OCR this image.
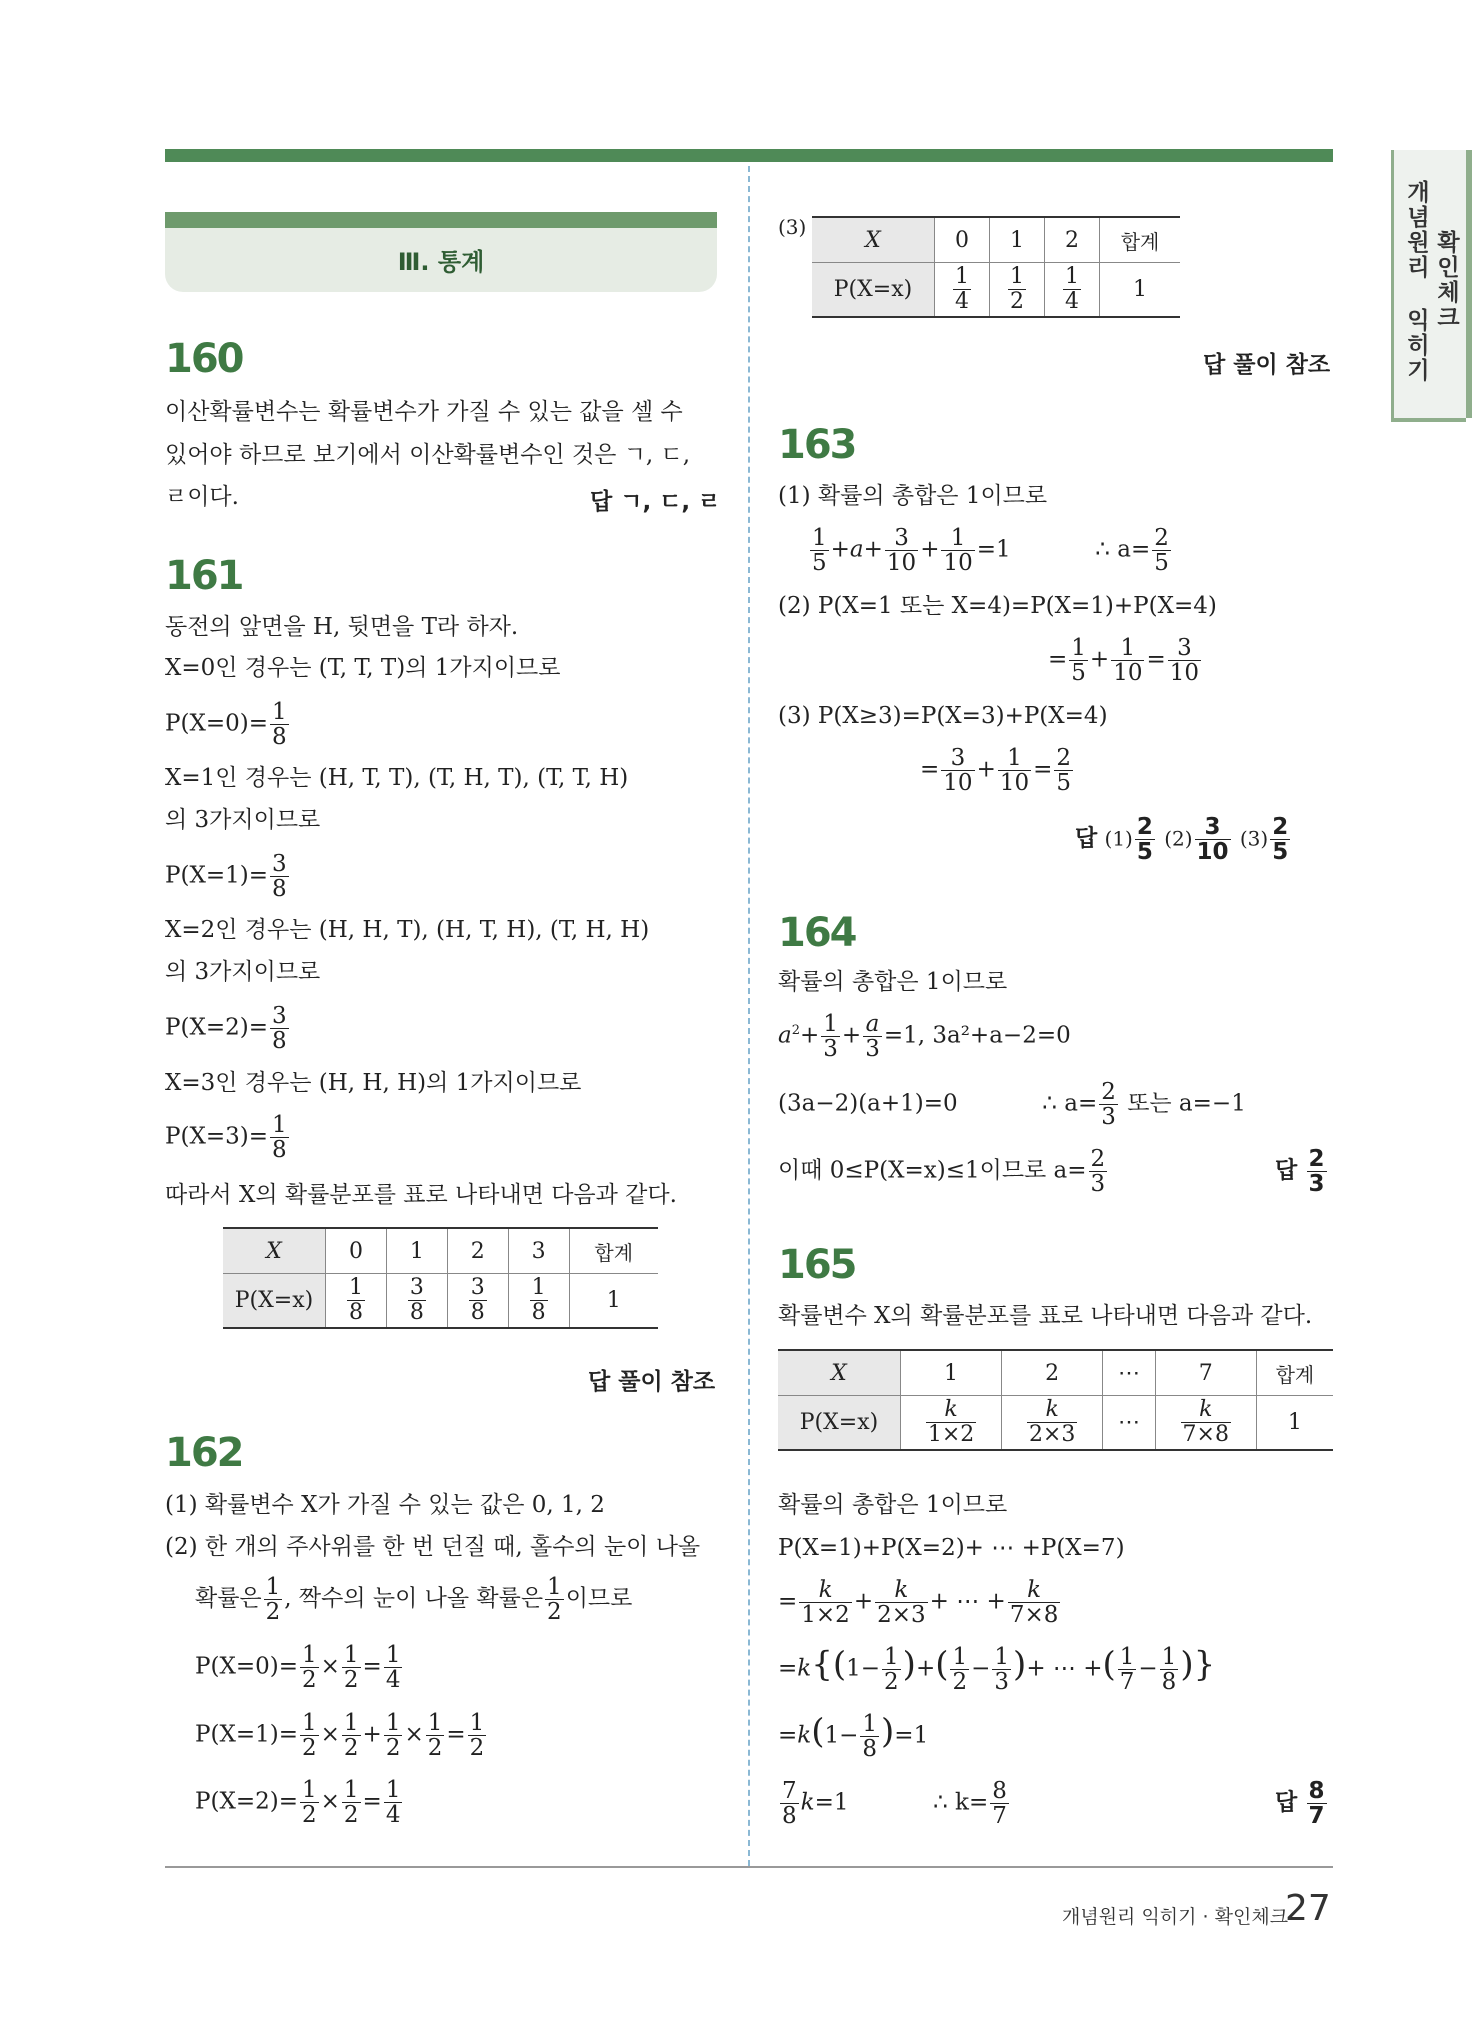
Ⅲ. 통계	개념원리 익히기 확인체크
160
이산확률변수는 확률변수가 가질 수 있는 값을 셀 수
있어야 하므로 보기에서 이산확률변수인 것은 ㄱ, ㄷ,
ㄹ이다.	답 ㄱ, ㄷ, ㄹ
161
동전의 앞면을 H, 뒷면을 T라 하자.
X=0인 경우는 (T, T, T)의 1가지이므로
$P(X=0)= \frac{1}{8}$
X=1인 경우는 (H, T, T), (T, H, T), (T, T, H)
의 3가지이므로
$P(X=1)= \frac{3}{8}$
X=2인 경우는 (H, H, T), (H, T, H), (T, H, H)
의 3가지이므로
$P(X=2)= \frac{3}{8}$
X=3인 경우는 (H, H, H)의 1가지이므로
$P(X=3)= \frac{1}{8}$
따라서 X의 확률분포를 표로 나타내면 다음과 같다.
X	0	1	2	3	합계
P(X=x)	$\frac{1}{8}$	$\frac{3}{8}$	$\frac{3}{8}$	$\frac{1}{8}$	1
답 풀이 참조
162
(1) 확률변수 X가 가질 수 있는 값은 0, 1, 2
(2) 한 개의 주사위를 한 번 던질 때, 홀수의 눈이 나올
확률은 $\frac{1}{2}$ , 짝수의 눈이 나올 확률은 $\frac{1}{2}$ 이므로
$P(X=0)= \frac{1}{2} \times \frac{1}{2} = \frac{1}{4}$
$P(X=1)= \frac{1}{2} \times \frac{1}{2} + \frac{1}{2} \times \frac{1}{2} = \frac{1}{2}$
$P(X=2)= \frac{1}{2} \times \frac{1}{2} = \frac{1}{4}$
(3)
X	0	1	2	합계
P(X=x)	$\frac{1}{4}$	$\frac{1}{2}$	$\frac{1}{4}$	1
답 풀이 참조
163
(1) 확률의 총합은 1이므로
$\frac{1}{5} +a+ \frac{3}{10} + \frac{1}{10} =1$	∴ $a= \frac{2}{5}$
(2) P(X=1 또는 X=4)=P(X=1)+P(X=4)
= $\frac{1}{5} + \frac{1}{10} = \frac{3}{10}$
(3) P(X≥3)=P(X=3)+P(X=4)
= $\frac{3}{10} + \frac{1}{10} = \frac{2}{5}$
답 $(1) \frac{2}{5} (2) \frac{3}{10} (3) \frac{2}{5}$
164
확률의 총합은 1이므로
$a^2+ \frac{1}{3} + \frac{a}{3} =1$, 3a²+a−2=0
(3a−2)(a+1)=0	∴ $a= \frac{2}{3}$ 또는 a=−1
이때 0≤P(X=x)≤1이므로 $a= \frac{2}{3}$	답 $\frac{2}{3}$
165
확률변수 X의 확률분포를 표로 나타내면 다음과 같다.
X	1	2	⋯	7	합계
P(X=x)	$\frac{k}{1\times 2}$	$\frac{k}{2\times 3}$	⋯	$\frac{k}{7\times 8}$	1
확률의 총합은 1이므로
P(X=1)+P(X=2)+ ⋯ +P(X=7)
= $\frac{k}{1\times 2} + \frac{k}{2\times 3}$ + ⋯ + $\frac{k}{7\times 8}$
$=k\{(1- \frac{1}{2}$ )+( $\frac{1}{2} - \frac{1}{3}$ )+ ⋯ +( $\frac{1}{7} - \frac{1}{8}$ )}
$=k(1- \frac{1}{8} )=1$
$\frac{7}{8} k=1$	∴ $k= \frac{8}{7}$	답 $\frac{8}{7}$
개념원리 익히기 · 확인체크
27
